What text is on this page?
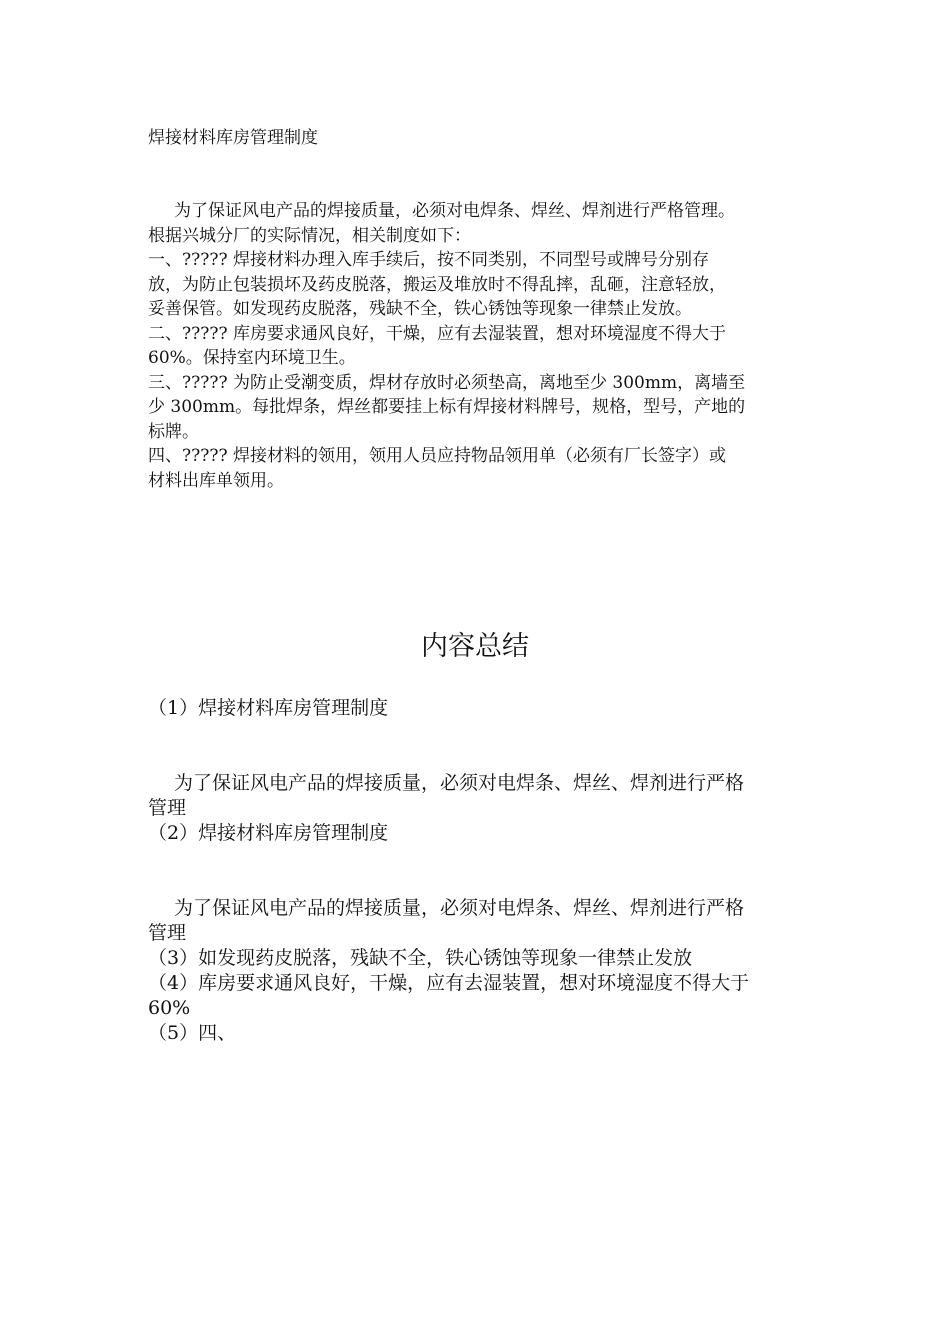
焊接材料库房管理制度
为了保证风电产品的焊接质量，必须对电焊条、焊丝、焊剂进行严格管理。
根据兴城分厂的实际情况，相关制度如下：
一、????? 焊接材料办理入库手续后，按不同类别，不同型号或牌号分别存
放，为防止包装损坏及药皮脱落，搬运及堆放时不得乱摔，乱砸，注意轻放，
妥善保管。如发现药皮脱落，残缺不全，铁心锈蚀等现象一律禁止发放。
二、????? 库房要求通风良好，干燥，应有去湿装置，想对环境湿度不得大于
60%。保持室内环境卫生。
三、????? 为防止受潮变质，焊材存放时必须垫高，离地至少 300mm，离墙至
少 300mm。每批焊条，焊丝都要挂上标有焊接材料牌号，规格，型号，产地的
标牌。
四、????? 焊接材料的领用，领用人员应持物品领用单（必须有厂长签字）或
材料出库单领用。
内容总结
（1）焊接材料库房管理制度
为了保证风电产品的焊接质量，必须对电焊条、焊丝、焊剂进行严格
管理
（2）焊接材料库房管理制度
为了保证风电产品的焊接质量，必须对电焊条、焊丝、焊剂进行严格
管理
（3）如发现药皮脱落，残缺不全，铁心锈蚀等现象一律禁止发放
（4）库房要求通风良好，干燥，应有去湿装置，想对环境湿度不得大于
60%
（5）四、
